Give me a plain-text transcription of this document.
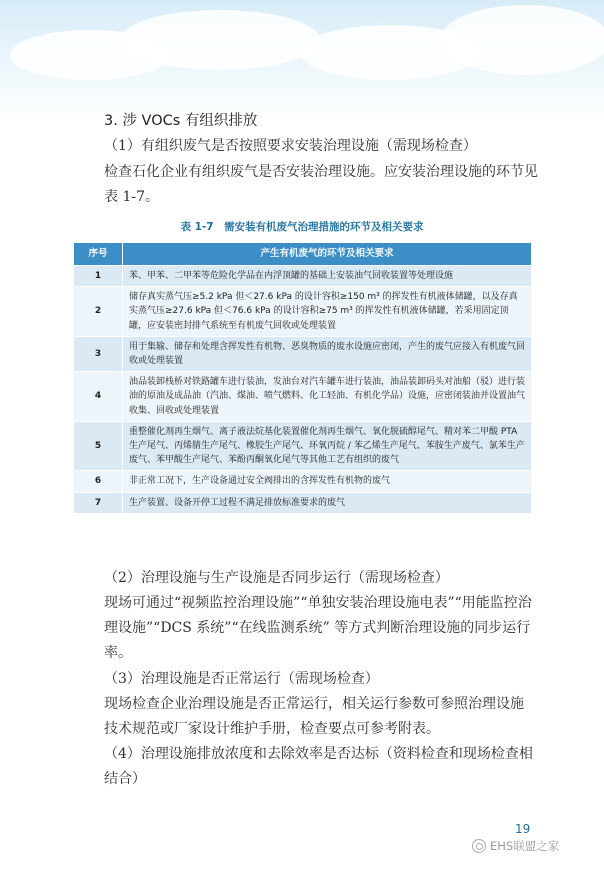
3. 涉 VOCs 有组织排放
（1）有组织废气是否按照要求安装治理设施（需现场检查）
检查石化企业有组织废气是否安装治理设施。应安装治理设施的环节见表 1-7。
表 1-7　需安装有机废气治理措施的环节及相关要求
序号	产生有机废气的环节及相关要求
1	苯、甲苯、二甲苯等危险化学品在内浮顶罐的基础上安装油气回收装置等处理设施
2	储存真实蒸气压≥5.2 kPa 但＜27.6 kPa 的设计容积≥150 m³ 的挥发性有机液体储罐，以及存真实蒸气压≥27.6 kPa 但＜76.6 kPa 的设计容积≥75 m³ 的挥发性有机液体储罐，若采用固定顶罐，应安装密封排气系统至有机废气回收或处理装置
3	用于集输、储存和处理含挥发性有机物、恶臭物质的废水设施应密闭，产生的废气应接入有机废气回收或处理装置
4	油品装卸栈桥对铁路罐车进行装油，发油台对汽车罐车进行装油，油品装卸码头对油船（驳）进行装油的原油及成品油（汽油、煤油、喷气燃料、化工轻油、有机化学品）设施，应密闭装油并设置油气收集、回收或处理装置
5	重整催化剂再生烟气、离子液法烷基化装置催化剂再生烟气、氧化脱硫醇尾气、精对苯二甲酸 PTA 生产尾气、丙烯腈生产尾气、橡胶生产尾气、环氧丙烷 / 苯乙烯生产尾气、苯胺生产废气、氯苯生产废气、苯甲酸生产尾气、苯酚丙酮氧化尾气等其他工艺有组织的废气
6	非正常工况下，生产设备通过安全阀排出的含挥发性有机物的废气
7	生产装置、设备开停工过程不满足排放标准要求的废气
（2）治理设施与生产设施是否同步运行（需现场检查）
现场可通过“视频监控治理设施”“单独安装治理设施电表”“用能监控治理设施”“DCS 系统”“在线监测系统” 等方式判断治理设施的同步运行率。
（3）治理设施是否正常运行（需现场检查）
现场检查企业治理设施是否正常运行，相关运行参数可参照治理设施技术规范或厂家设计维护手册，检查要点可参考附表。
（4）治理设施排放浓度和去除效率是否达标（资料检查和现场检查相结合）
19
EHS联盟之家
